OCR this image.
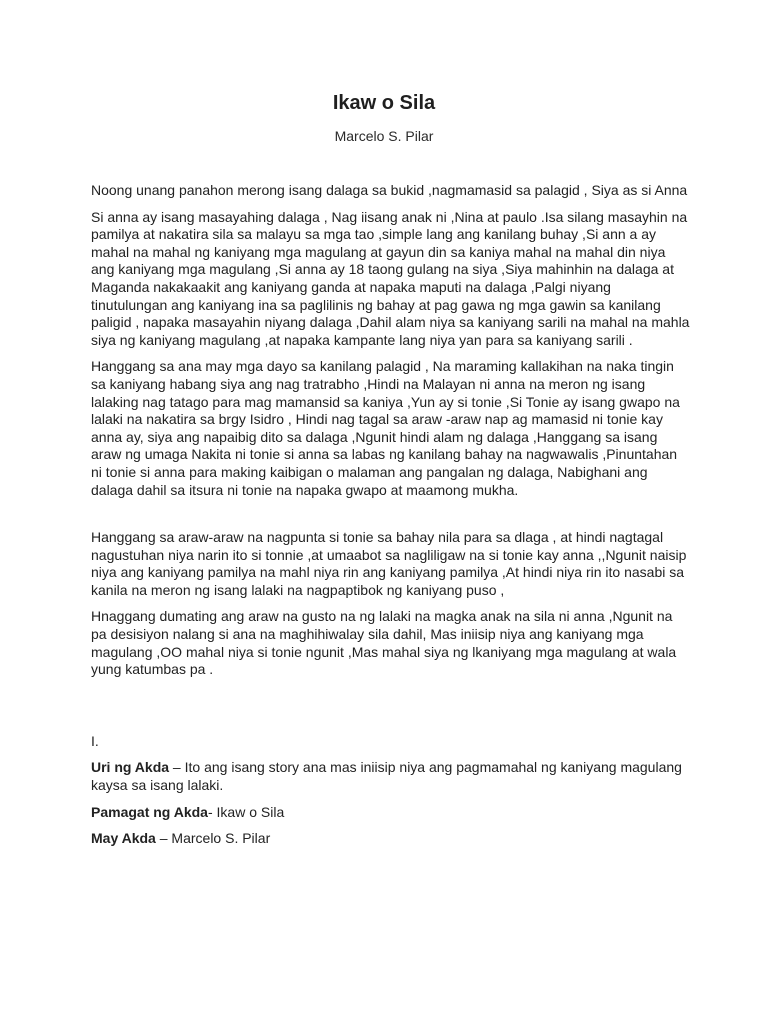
Ikaw o Sila
Marcelo S. Pilar

Noong unang panahon merong isang dalaga sa bukid ,nagmamasid sa palagid , Siya as si Anna

Si anna ay isang masayahing dalaga , Nag iisang anak ni ,Nina at paulo .Isa silang masayhin na pamilya at nakatira sila sa malayu sa mga tao ,simple lang ang kanilang buhay ,Si ann a ay mahal na mahal ng kaniyang mga magulang at gayun din sa kaniya mahal na mahal din niya ang kaniyang mga magulang ,Si anna ay 18 taong gulang na siya ,Siya mahinhin na dalaga at Maganda nakakaakit ang kaniyang ganda at napaka maputi na dalaga ,Palgi niyang tinutulungan ang kaniyang ina sa paglilinis ng bahay at pag gawa ng mga gawin sa kanilang paligid , napaka masayahin niyang dalaga ,Dahil alam niya sa kaniyang sarili na mahal na mahla siya ng kaniyang magulang ,at napaka kampante lang niya yan para sa kaniyang sarili .

Hanggang sa ana may mga dayo sa kanilang palagid , Na maraming kallakihan na naka tingin sa kaniyang habang siya ang nag tratrabho ,Hindi na Malayan ni anna na meron ng isang lalaking nag tatago para mag mamansid sa kaniya ,Yun ay si tonie ,Si Tonie ay isang gwapo na lalaki na nakatira sa brgy Isidro , Hindi nag tagal sa araw -araw nap ag mamasid ni tonie kay anna ay, siya ang napaibig dito sa dalaga ,Ngunit hindi alam ng dalaga ,Hanggang sa isang araw ng umaga Nakita ni tonie si anna sa labas ng kanilang bahay na nagwawalis ,Pinuntahan ni tonie si anna para making kaibigan o malaman ang pangalan ng dalaga, Nabighani ang dalaga dahil sa itsura ni tonie na napaka gwapo at maamong mukha.

Hanggang sa araw-araw na nagpunta si tonie sa bahay nila para sa dlaga , at hindi nagtagal nagustuhan niya narin ito si tonnie ,at umaabot sa nagliligaw na si tonie kay anna ,,Ngunit naisip niya ang kaniyang pamilya na mahl niya rin ang kaniyang pamilya ,At hindi niya rin ito nasabi sa kanila na meron ng isang lalaki na nagpaptibok ng kaniyang puso ,

Hnaggang dumating ang araw na gusto na ng lalaki na magka anak na sila ni anna ,Ngunit na pa desisiyon nalang si ana na maghihiwalay sila dahil, Mas iniisip niya ang kaniyang mga magulang ,OO mahal niya si tonie ngunit ,Mas mahal siya ng lkaniyang mga magulang at wala yung katumbas pa .

I.

Uri ng Akda – Ito ang isang story ana mas iniisip niya ang pagmamahal ng kaniyang magulang kaysa sa isang lalaki.

Pamagat ng Akda- Ikaw o Sila

May Akda – Marcelo S. Pilar
